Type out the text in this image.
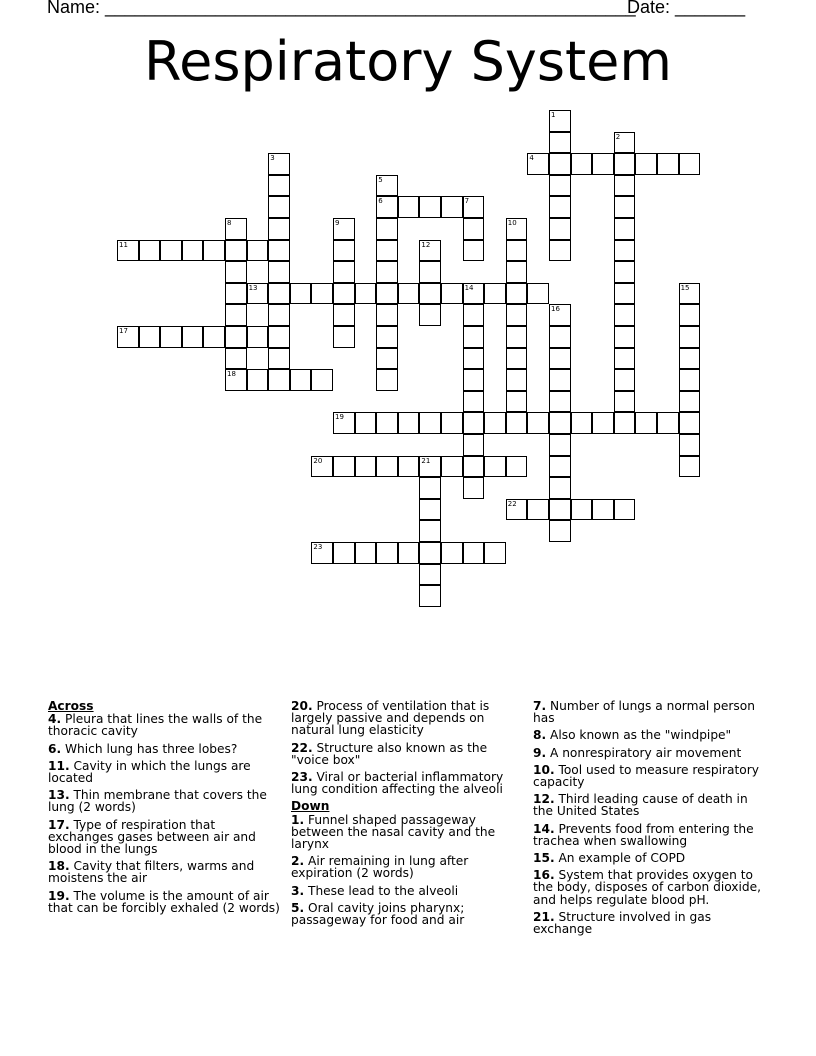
Name: _____________________________________________________
Date: _______
Respiratory System
1
2
3	4
5
6	7
8	9	10
11	12
13	14	15
16
17
18
19
20	21
22
23
Across
4. Pleura that lines the walls of the thoracic cavity
6. Which lung has three lobes?
11. Cavity in which the lungs are located
13. Thin membrane that covers the lung (2 words)
17. Type of respiration that exchanges gases between air and blood in the lungs
18. Cavity that filters, warms and moistens the air
19. The volume is the amount of air that can be forcibly exhaled (2 words)
20. Process of ventilation that is largely passive and depends on natural lung elasticity
22. Structure also known as the "voice box"
23. Viral or bacterial inflammatory lung condition affecting the alveoli
Down
1. Funnel shaped passageway between the nasal cavity and the larynx
2. Air remaining in lung after expiration (2 words)
3. These lead to the alveoli
5. Oral cavity joins pharynx; passageway for food and air
7. Number of lungs a normal person has
8. Also known as the "windpipe"
9. A nonrespiratory air movement
10. Tool used to measure respiratory capacity
12. Third leading cause of death in the United States
14. Prevents food from entering the trachea when swallowing
15. An example of COPD
16. System that provides oxygen to the body, disposes of carbon dioxide, and helps regulate blood pH.
21. Structure involved in gas exchange
